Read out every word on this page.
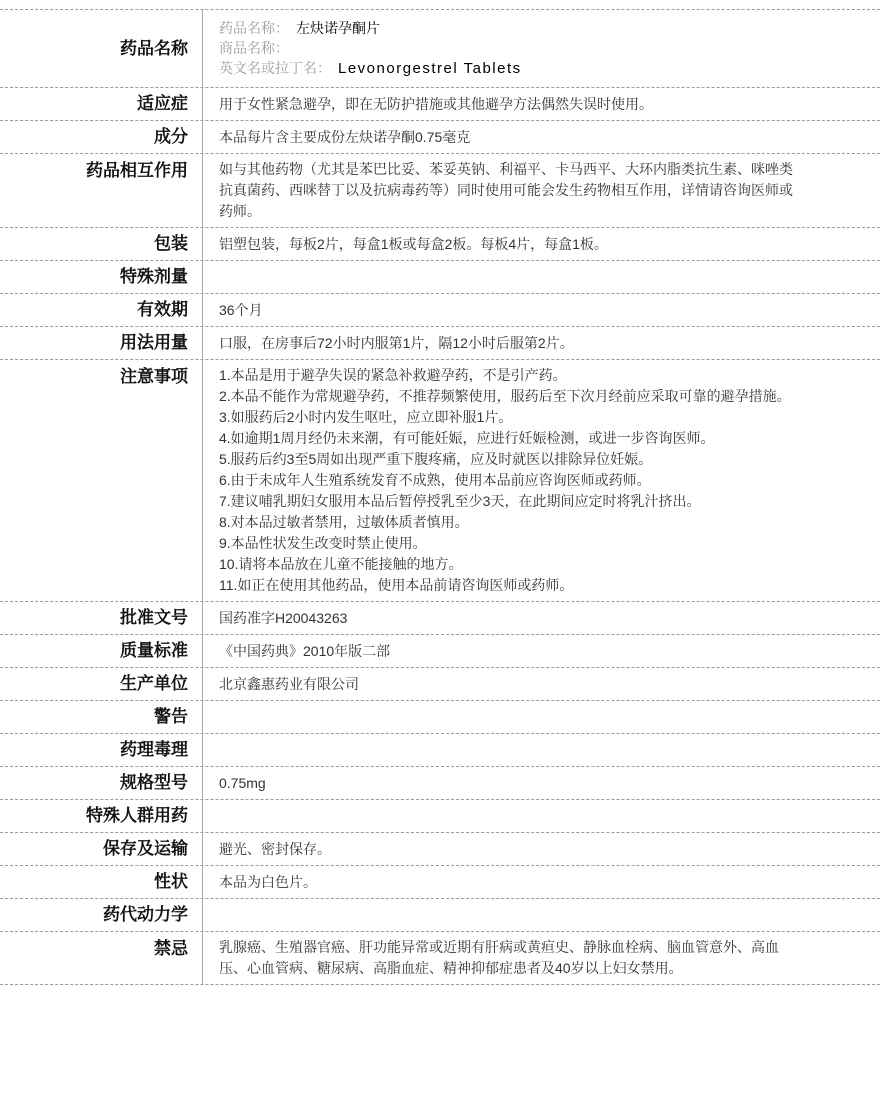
药品名称
药品名称： 左炔诺孕酮片
商品名称：
英文名或拉丁名： Levonorgestrel Tablets
适应症 用于女性紧急避孕，即在无防护措施或其他避孕方法偶然失误时使用。
成分 本品每片含主要成份左炔诺孕酮0.75毫克
药品相互作用 如与其他药物（尤其是苯巴比妥、苯妥英钠、利福平、卡马西平、大环内脂类抗生素、咪唑类抗真菌药、西咪替丁以及抗病毒药等）同时使用可能会发生药物相互作用，详情请咨询医师或药师。
包装 铝塑包装，每板2片，每盒1板或每盒2板。每板4片，每盒1板。
特殊剂量
有效期 36个月
用法用量 口服，在房事后72小时内服第1片，隔12小时后服第2片。
注意事项 1.本品是用于避孕失误的紧急补救避孕药，不是引产药。
2.本品不能作为常规避孕药，不推荐频繁使用，服药后至下次月经前应采取可靠的避孕措施。
3.如服药后2小时内发生呕吐，应立即补服1片。
4.如逾期1周月经仍未来潮，有可能妊娠，应进行妊娠检测，或进一步咨询医师。
5.服药后约3至5周如出现严重下腹疼痛，应及时就医以排除异位妊娠。
6.由于未成年人生殖系统发育不成熟，使用本品前应咨询医师或药师。
7.建议哺乳期妇女服用本品后暂停授乳至少3天，在此期间应定时将乳汁挤出。
8.对本品过敏者禁用，过敏体质者慎用。
9.本品性状发生改变时禁止使用。
10.请将本品放在儿童不能接触的地方。
11.如正在使用其他药品，使用本品前请咨询医师或药师。
批准文号 国药准字H20043263
质量标准 《中国药典》2010年版二部
生产单位 北京鑫惠药业有限公司
警告
药理毒理
规格型号 0.75mg
特殊人群用药
保存及运输 避光、密封保存。
性状 本品为白色片。
药代动力学
禁忌 乳腺癌、生殖器官癌、肝功能异常或近期有肝病或黄疸史、静脉血栓病、脑血管意外、高血压、心血管病、糖尿病、高脂血症、精神抑郁症患者及40岁以上妇女禁用。
